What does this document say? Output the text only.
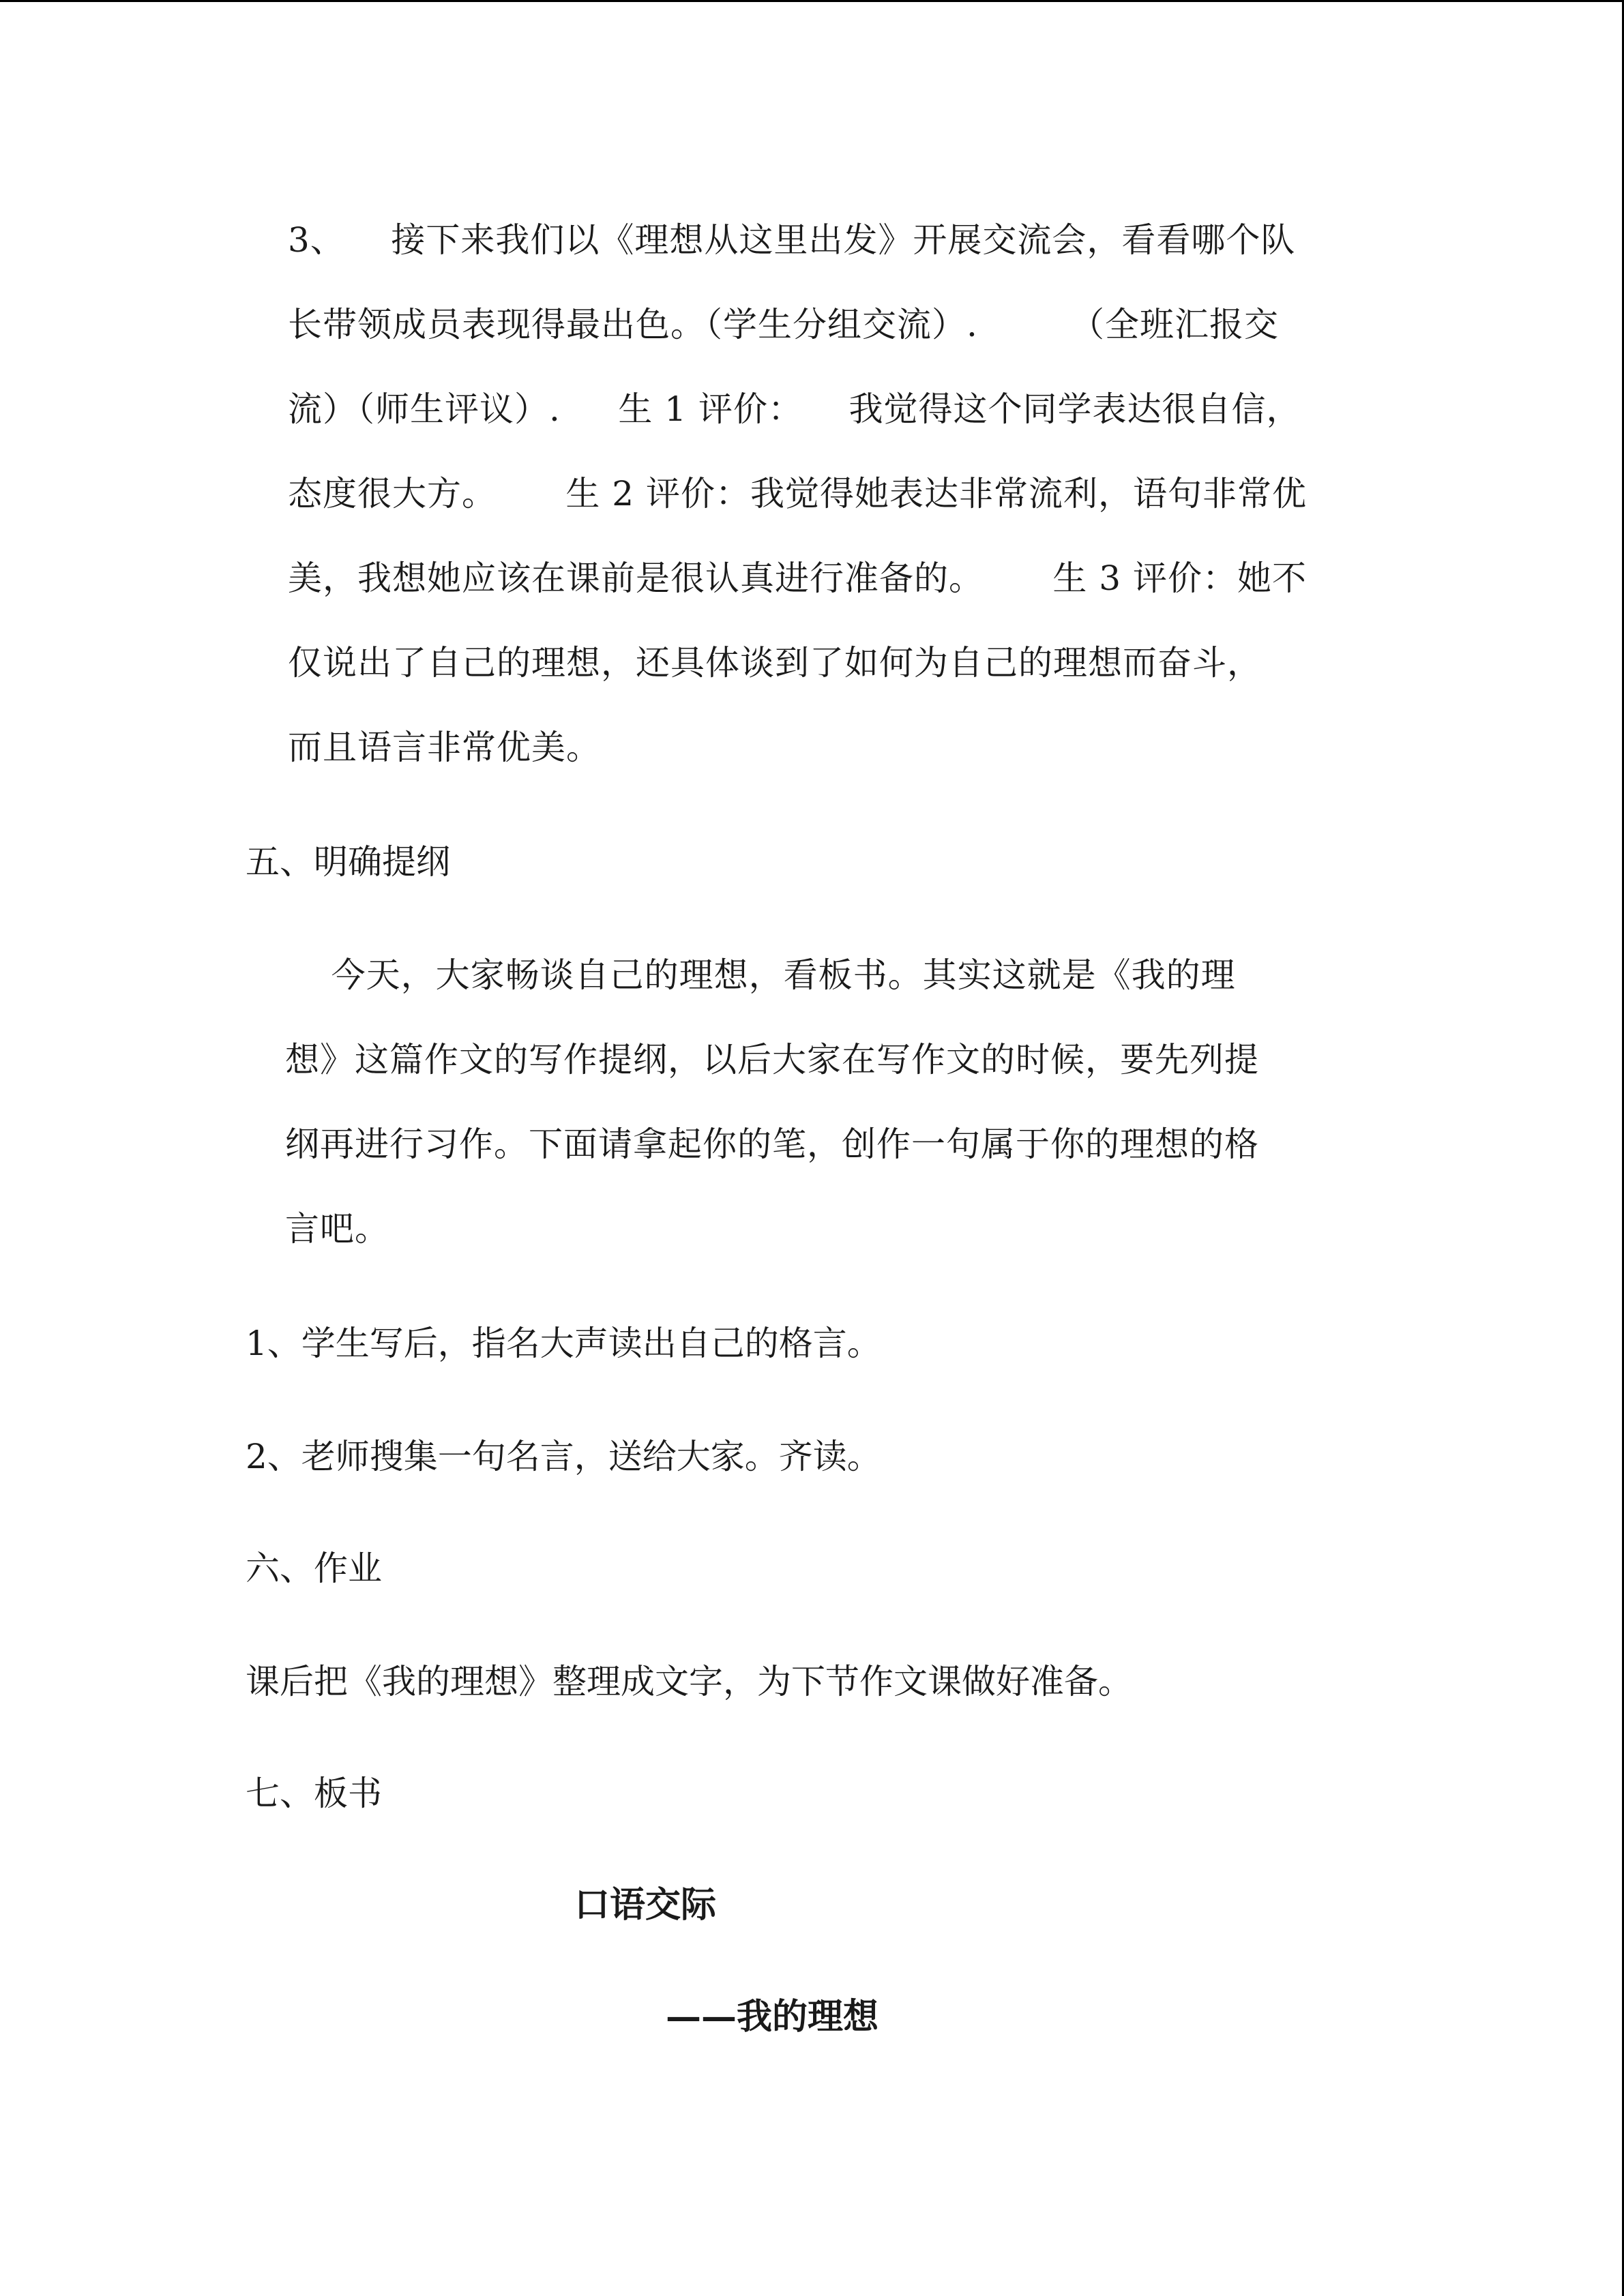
3、    接下来我们以《理想从这里出发》开展交流会，看看哪个队
长带领成员表现得最出色。（学生分组交流）.        （全班汇报交
流）（师生评议）.     生 1 评价：    我觉得这个同学表达很自信，
态度很大方。      生 2 评价：我觉得她表达非常流利，语句非常优
美，我想她应该在课前是很认真进行准备的。      生 3 评价：她不
仅说出了自己的理想，还具体谈到了如何为自己的理想而奋斗，
而且语言非常优美。
五、明确提纲
今天，大家畅谈自己的理想，看板书。其实这就是《我的理
想》这篇作文的写作提纲，以后大家在写作文的时候，要先列提
纲再进行习作。下面请拿起你的笔，创作一句属于你的理想的格
言吧。
1、学生写后，指名大声读出自己的格言。
2、老师搜集一句名言，送给大家。齐读。
六、作业
课后把《我的理想》整理成文字，为下节作文课做好准备。
七、板书
口语交际
——我的理想
